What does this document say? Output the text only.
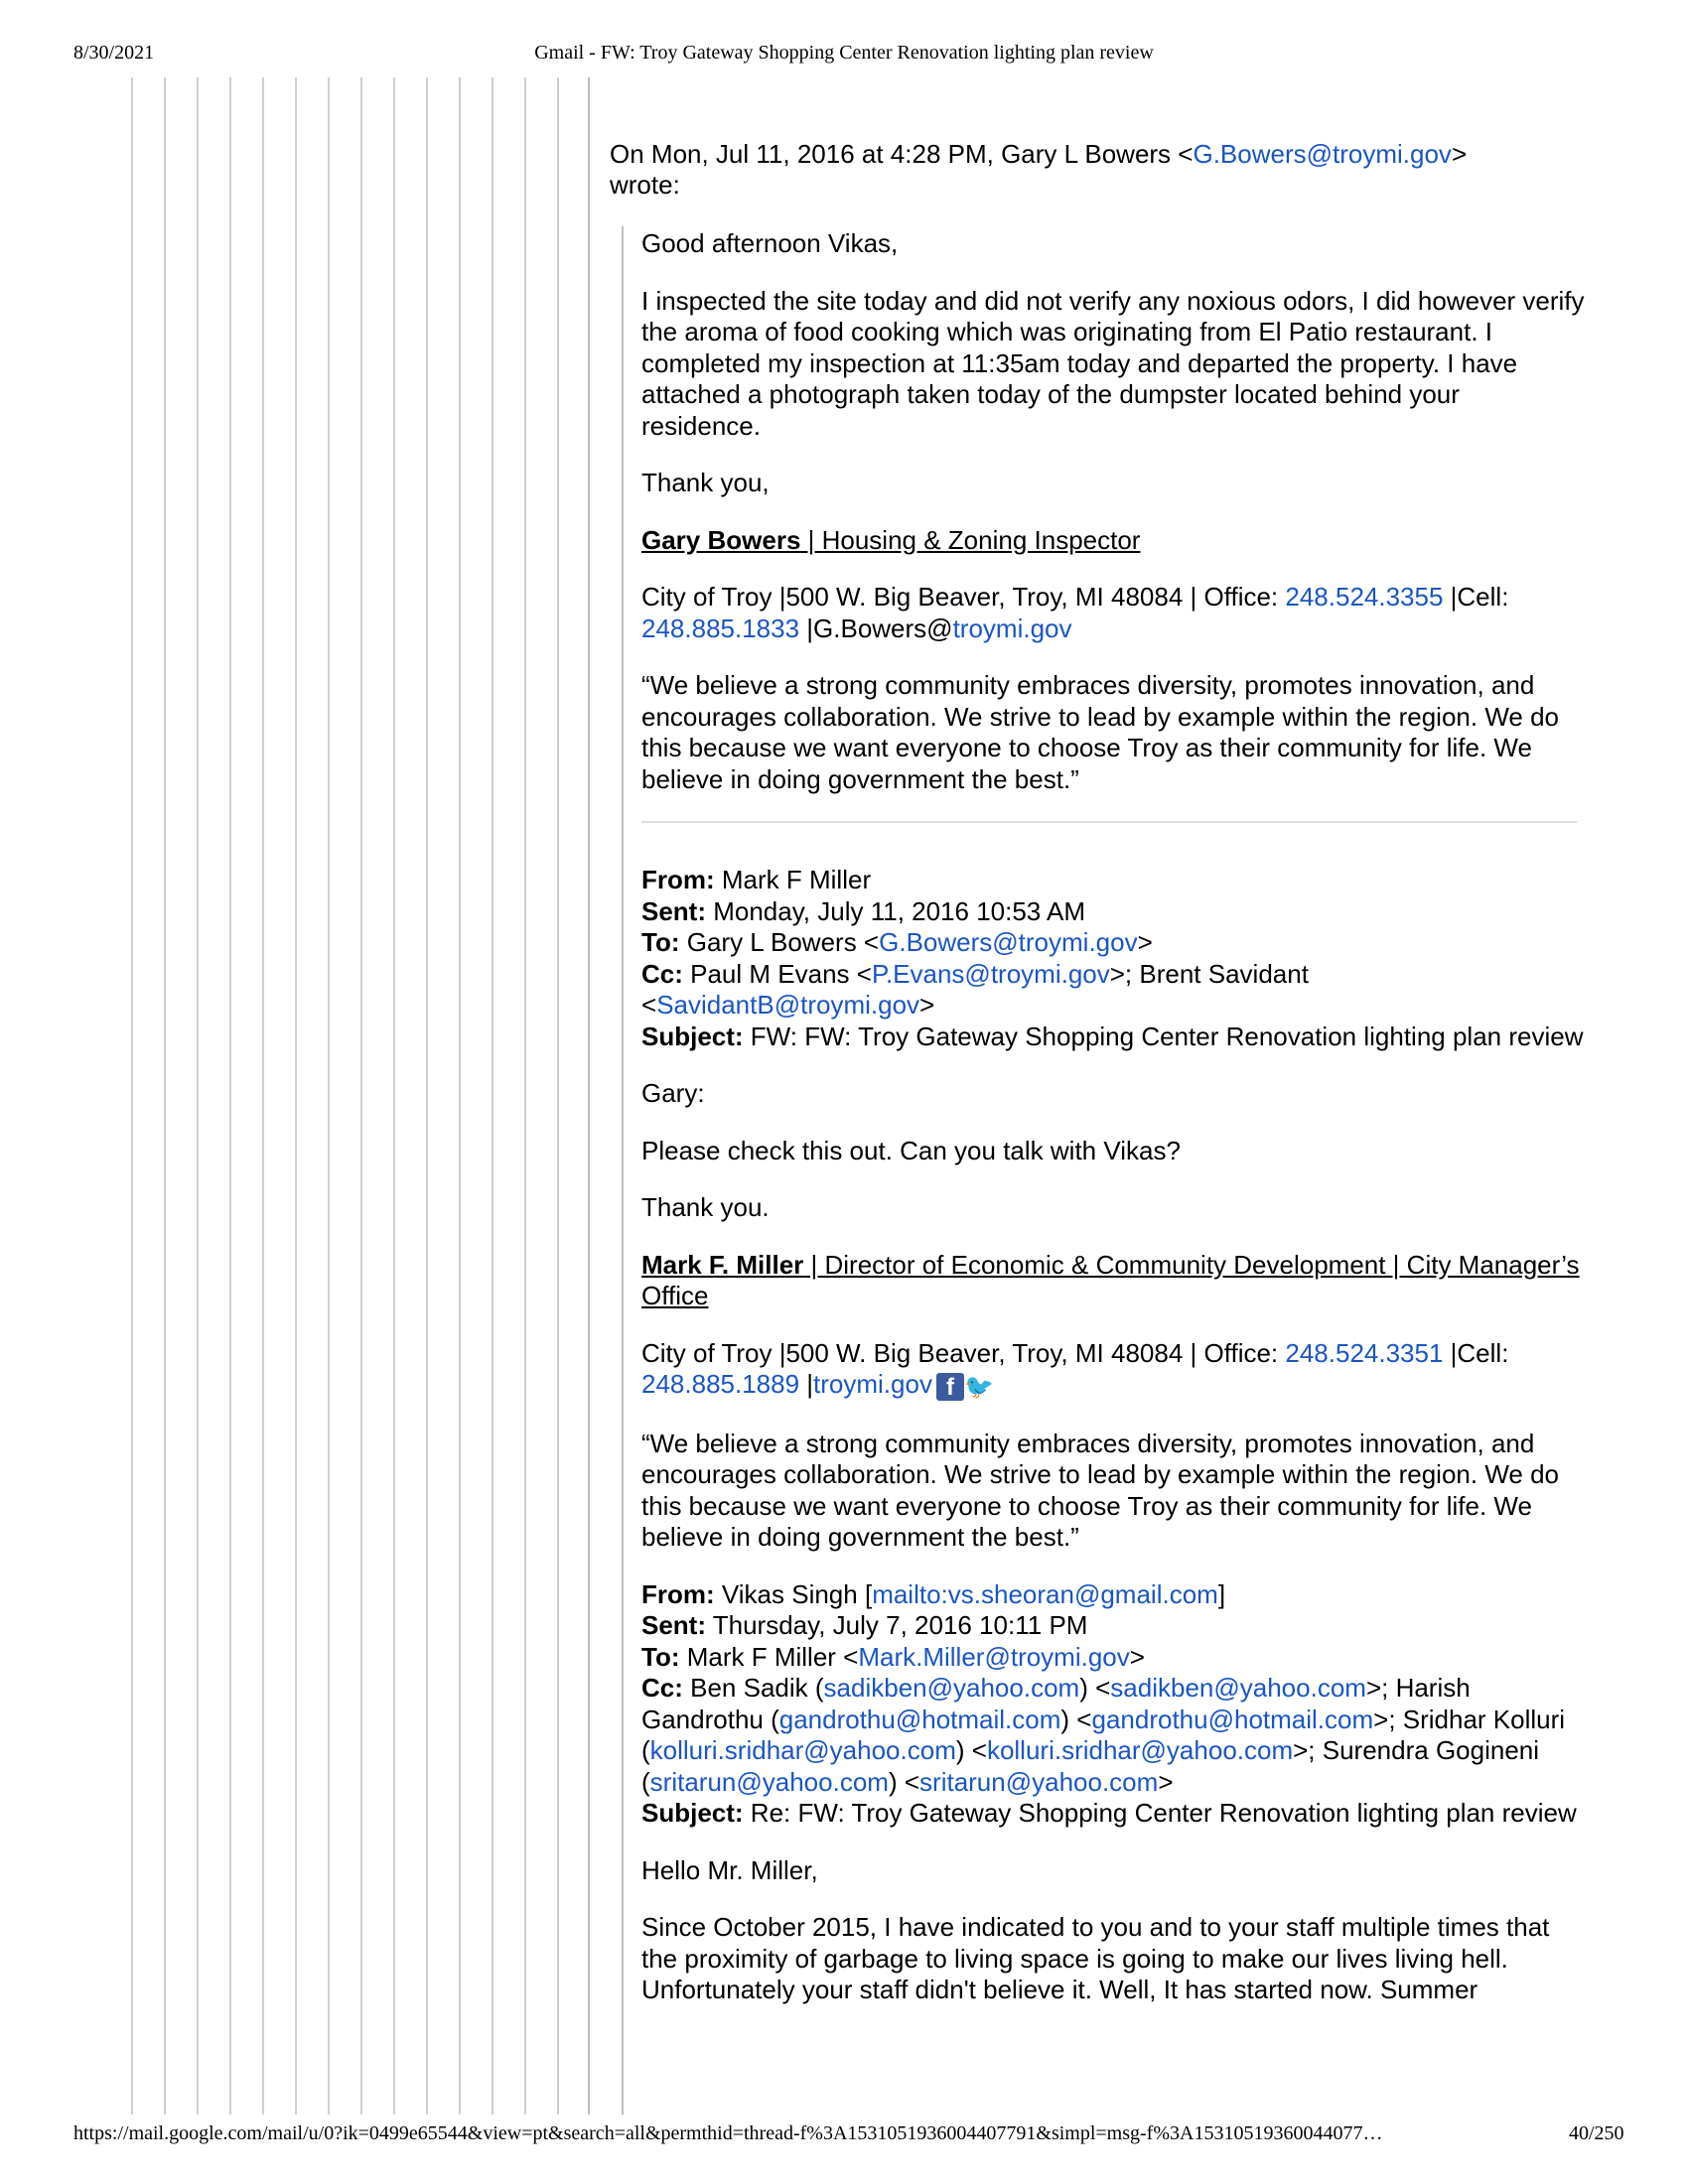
8/30/2021	Gmail - FW: Troy Gateway Shopping Center Renovation lighting plan review
On Mon, Jul 11, 2016 at 4:28 PM, Gary L Bowers <G.Bowers@troymi.gov>
wrote:

Good afternoon Vikas,

I inspected the site today and did not verify any noxious odors, I did however verify the aroma of food cooking which was originating from El Patio restaurant. I completed my inspection at 11:35am today and departed the property. I have attached a photograph taken today of the dumpster located behind your residence.

Thank you,

Gary Bowers | Housing & Zoning Inspector

City of Troy |500 W. Big Beaver, Troy, MI 48084 | Office: 248.524.3355 |Cell:
248.885.1833 |G.Bowers@troymi.gov

“We believe a strong community embraces diversity, promotes innovation, and encourages collaboration. We strive to lead by example within the region. We do this because we want everyone to choose Troy as their community for life. We believe in doing government the best.”

From: Mark F Miller
Sent: Monday, July 11, 2016 10:53 AM
To: Gary L Bowers <G.Bowers@troymi.gov>
Cc: Paul M Evans <P.Evans@troymi.gov>; Brent Savidant <SavidantB@troymi.gov>
Subject: FW: FW: Troy Gateway Shopping Center Renovation lighting plan review

Gary:

Please check this out. Can you talk with Vikas?

Thank you.

Mark F. Miller | Director of Economic & Community Development | City Manager’s Office

City of Troy |500 W. Big Beaver, Troy, MI 48084 | Office: 248.524.3351 |Cell:
248.885.1889 |troymi.gov f 🐦

“We believe a strong community embraces diversity, promotes innovation, and encourages collaboration. We strive to lead by example within the region. We do this because we want everyone to choose Troy as their community for life. We believe in doing government the best.”

From: Vikas Singh [mailto:vs.sheoran@gmail.com]
Sent: Thursday, July 7, 2016 10:11 PM
To: Mark F Miller <Mark.Miller@troymi.gov>
Cc: Ben Sadik (sadikben@yahoo.com) <sadikben@yahoo.com>; Harish Gandrothu (gandrothu@hotmail.com) <gandrothu@hotmail.com>; Sridhar Kolluri (kolluri.sridhar@yahoo.com) <kolluri.sridhar@yahoo.com>; Surendra Gogineni (sritarun@yahoo.com) <sritarun@yahoo.com>
Subject: Re: FW: Troy Gateway Shopping Center Renovation lighting plan review

Hello Mr. Miller,

Since October 2015, I have indicated to you and to your staff multiple times that the proximity of garbage to living space is going to make our lives living hell. Unfortunately your staff didn't believe it. Well, It has started now. Summer

https://mail.google.com/mail/u/0?ik=0499e65544&view=pt&search=all&permthid=thread-f%3A1531051936004407791&simpl=msg-f%3A15310519360044077…	40/250
